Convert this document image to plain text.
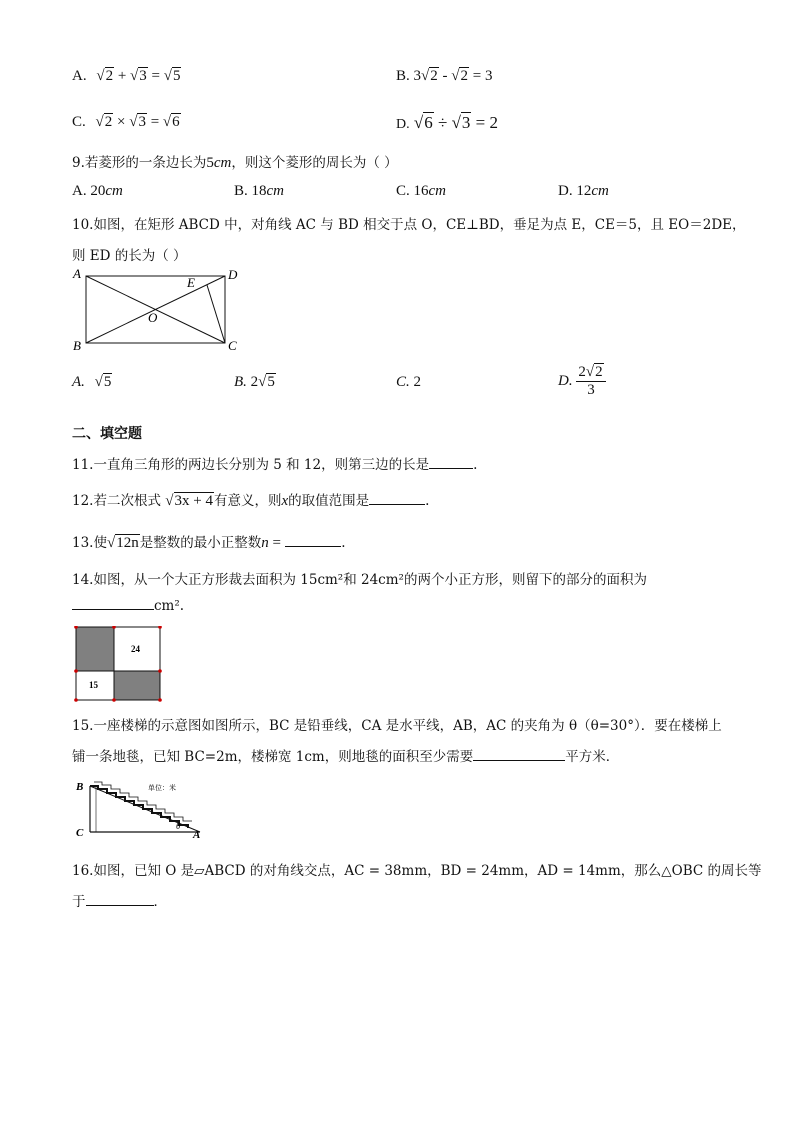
A. √2 + √3 = √5	B. 3√2 - √2 = 3
C. √2 × √3 = √6	D. √6 ÷ √3 = 2
9.若菱形的一条边长为5cm，则这个菱形的周长为（ ）
A. 20cm	B. 18cm	C. 16cm	D. 12cm
10.如图，在矩形 ABCD 中，对角线 AC 与 BD 相交于点 O，CE⊥BD，垂足为点 E，CE＝5，且 EO＝2DE，
则 ED 的长为（ ）
A	D
B	C
E
O
A. √5	B. 2√5	C. 2	D. $\frac{2√2}{3}$
二、填空题
11.一直角三角形的两边长分别为 5 和 12，则第三边的长是	.
12.若二次根式 √3x + 4有意义，则x的取值范围是	.
13.使√12n是整数的最小正整数n =	.
14.如图，从一个大正方形裁去面积为 15cm²和 24cm²的两个小正方形，则留下的部分的面积为
cm².
24
15
15.一座楼梯的示意图如图所示，BC 是铅垂线，CA 是水平线，AB，AC 的夹角为 θ（θ=30°）．要在楼梯上
铺一条地毯，已知 BC=2m，楼梯宽 1cm，则地毯的面积至少需要	平方米．
B
C	A
θ
单位：米
16.如图，已知 O 是▱ABCD 的对角线交点，AC = 38mm，BD = 24mm，AD = 14mm，那么△OBC 的周长等
于	．
